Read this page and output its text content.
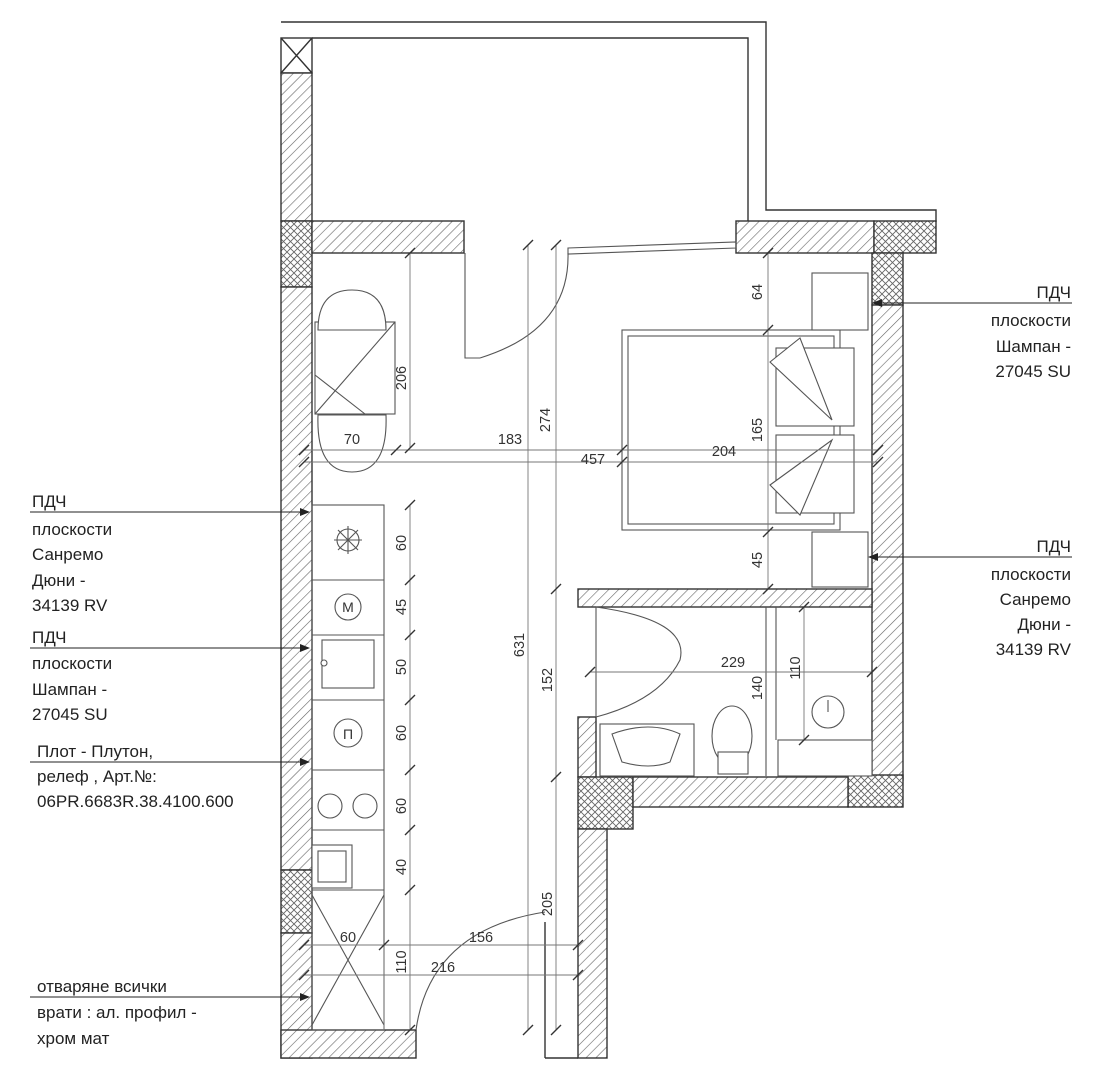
206
70	183
274
457	204
64
165
45
60
45
50
60
60
40
631
152
229
140
110
205
60	156
110 216
M
П
ПДЧ
плоскости
Шампан -
27045 SU
ПДЧ
плоскости
Санремо
Дюни -
34139 RV
ПДЧ
плоскости
Санремо
Дюни -
34139 RV
ПДЧ
плоскости
Шампан -
27045 SU
Плот - Плутон,
релеф , Арт.№:
06PR.6683R.38.4100.600
отваряне всички
врати : ал. профил -
хром мат
